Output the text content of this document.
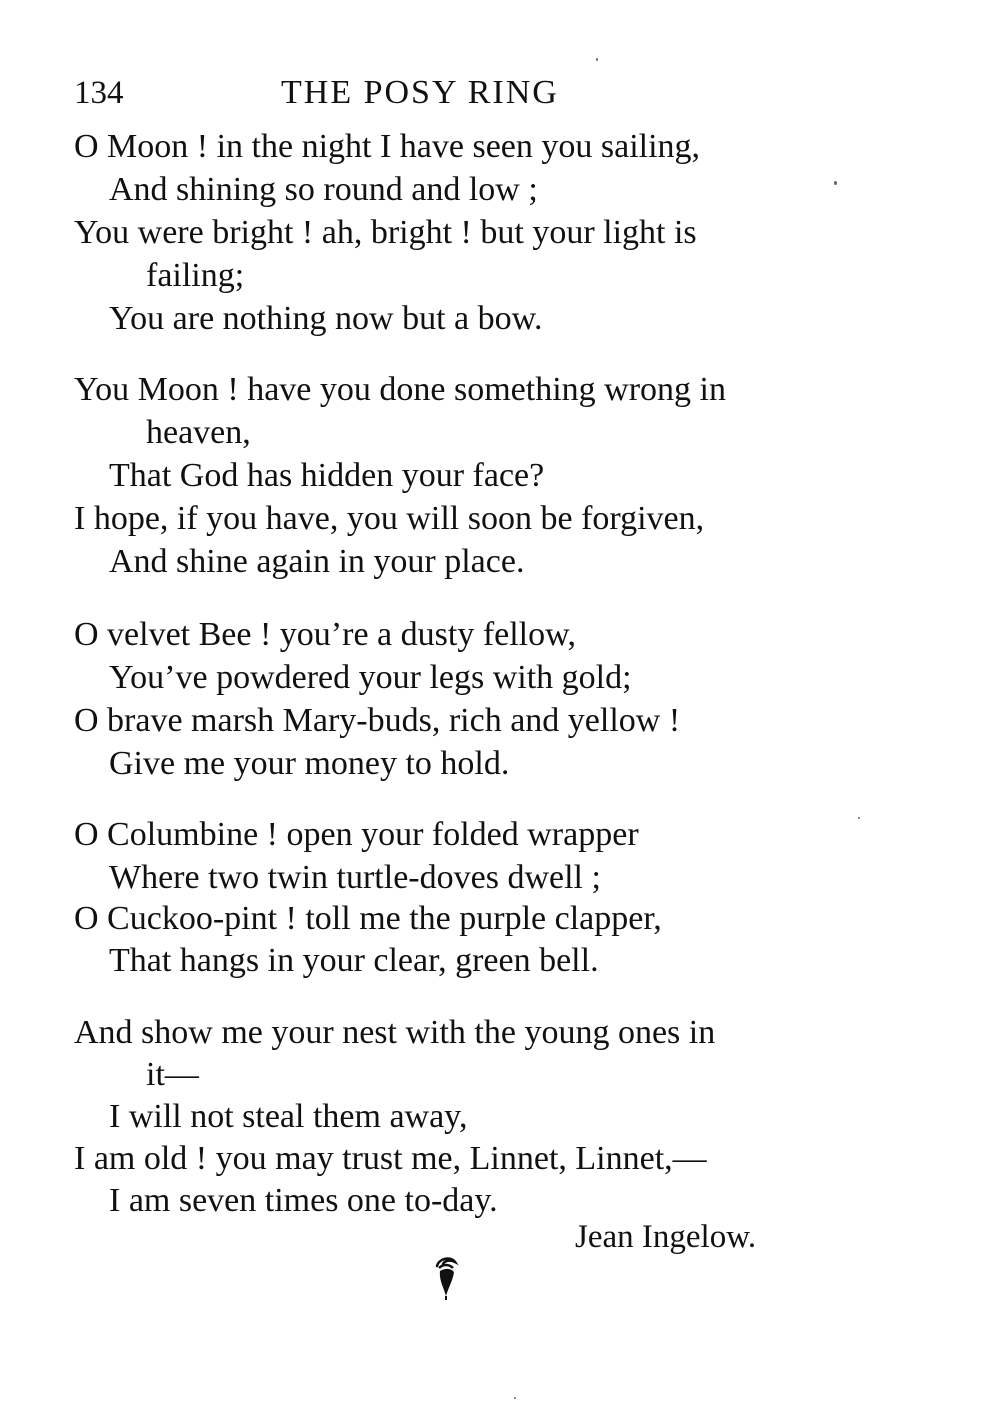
134	THE POSY RING
O Moon ! in the night I have seen you sailing,
And shining so round and low ;
You were bright ! ah, bright ! but your light is
failing;
You are nothing now but a bow.
You Moon ! have you done something wrong in
heaven,
That God has hidden your face?
I hope, if you have, you will soon be forgiven,
And shine again in your place.
O velvet Bee ! you’re a dusty fellow,
You’ve powdered your legs with gold;
O brave marsh Mary-buds, rich and yellow !
Give me your money to hold.
O Columbine ! open your folded wrapper
Where two twin turtle-doves dwell ;
O Cuckoo-pint ! toll me the purple clapper,
That hangs in your clear, green bell.
And show me your nest with the young ones in
it—
I will not steal them away,
I am old ! you may trust me, Linnet, Linnet,—
I am seven times one to-day.
Jean Ingelow.
